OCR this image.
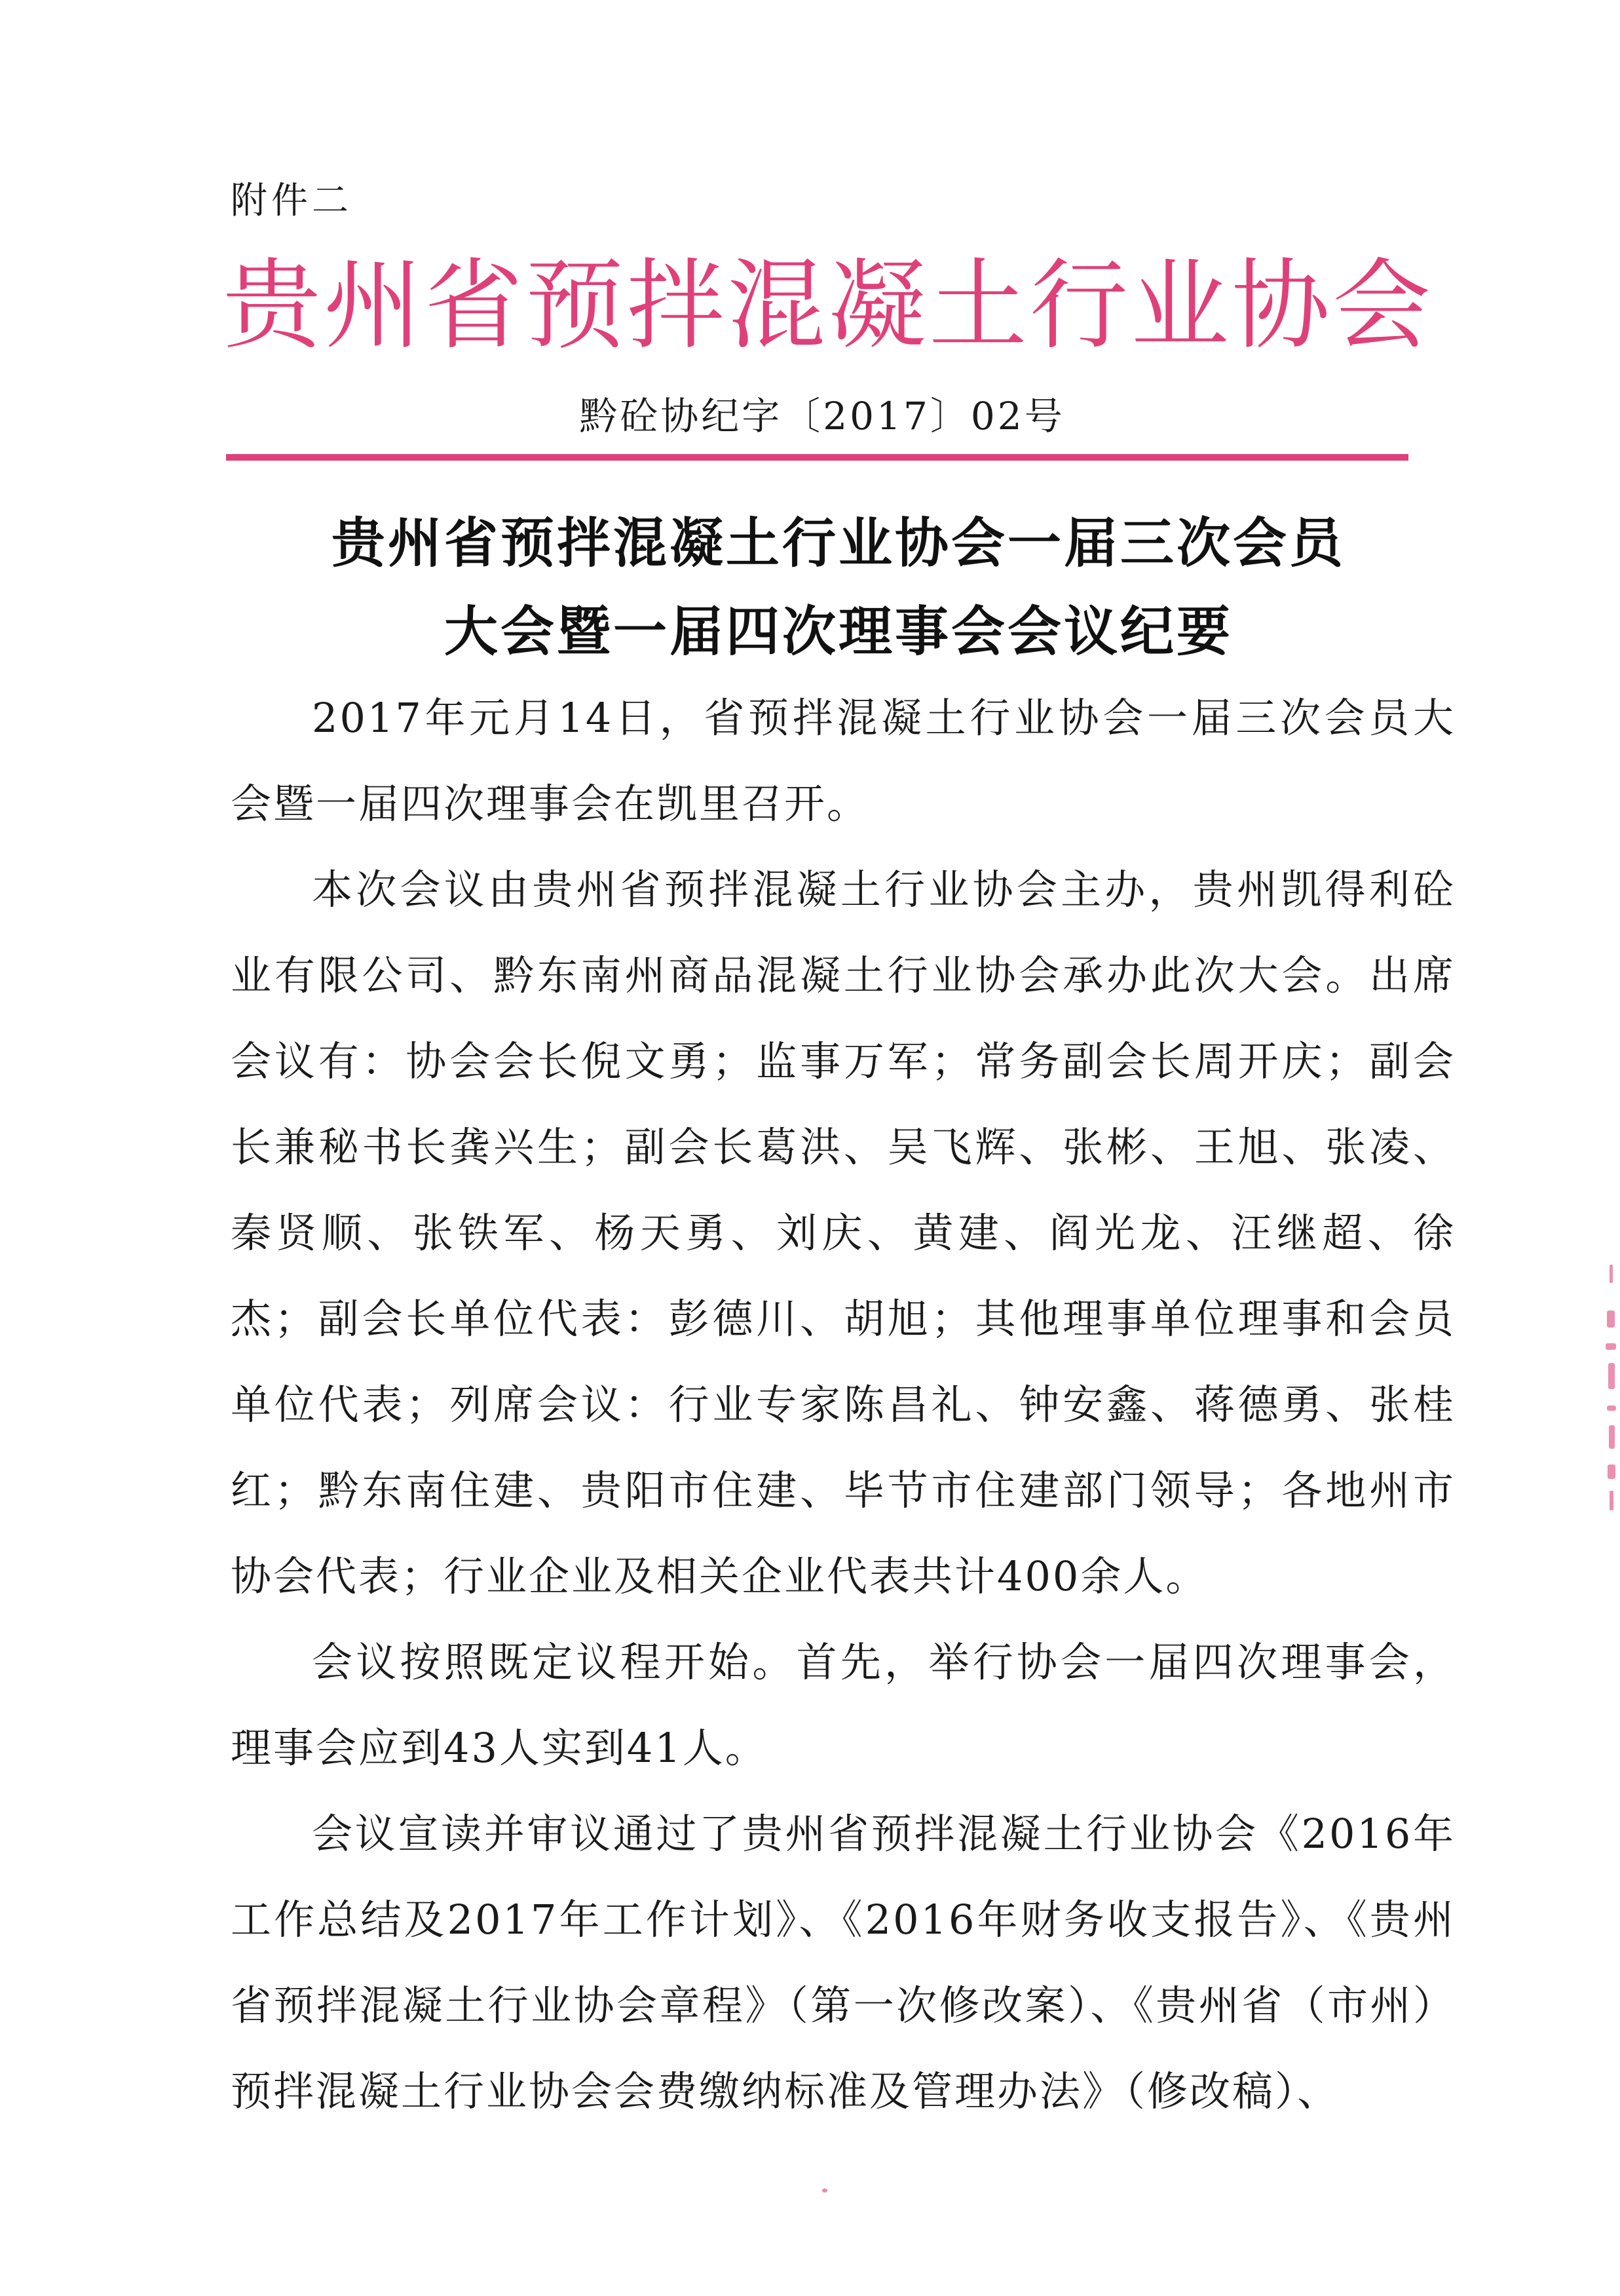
附件二
贵州省预拌混凝土行业协会
黔砼协纪字〔2017〕02号
贵州省预拌混凝土行业协会一届三次会员
大会暨一届四次理事会会议纪要

2017年元月14日，省预拌混凝土行业协会一届三次会员大会暨一届四次理事会在凯里召开。

本次会议由贵州省预拌混凝土行业协会主办，贵州凯得利砼业有限公司、黔东南州商品混凝土行业协会承办此次大会。出席会议有：协会会长倪文勇；监事万军；常务副会长周开庆；副会长兼秘书长龚兴生；副会长葛洪、吴飞辉、张彬、王旭、张凌、秦贤顺、张铁军、杨天勇、刘庆、黄建、阎光龙、汪继超、徐杰；副会长单位代表：彭德川、胡旭；其他理事单位理事和会员单位代表；列席会议：行业专家陈昌礼、钟安鑫、蒋德勇、张桂红；黔东南住建、贵阳市住建、毕节市住建部门领导；各地州市协会代表；行业企业及相关企业代表共计400余人。

会议按照既定议程开始。首先，举行协会一届四次理事会，理事会应到43人实到41人。

会议宣读并审议通过了贵州省预拌混凝土行业协会《2016年工作总结及2017年工作计划》、《2016年财务收支报告》、《贵州省预拌混凝土行业协会章程》（第一次修改案）、《贵州省（市州）预拌混凝土行业协会会费缴纳标准及管理办法》（修改稿）、
